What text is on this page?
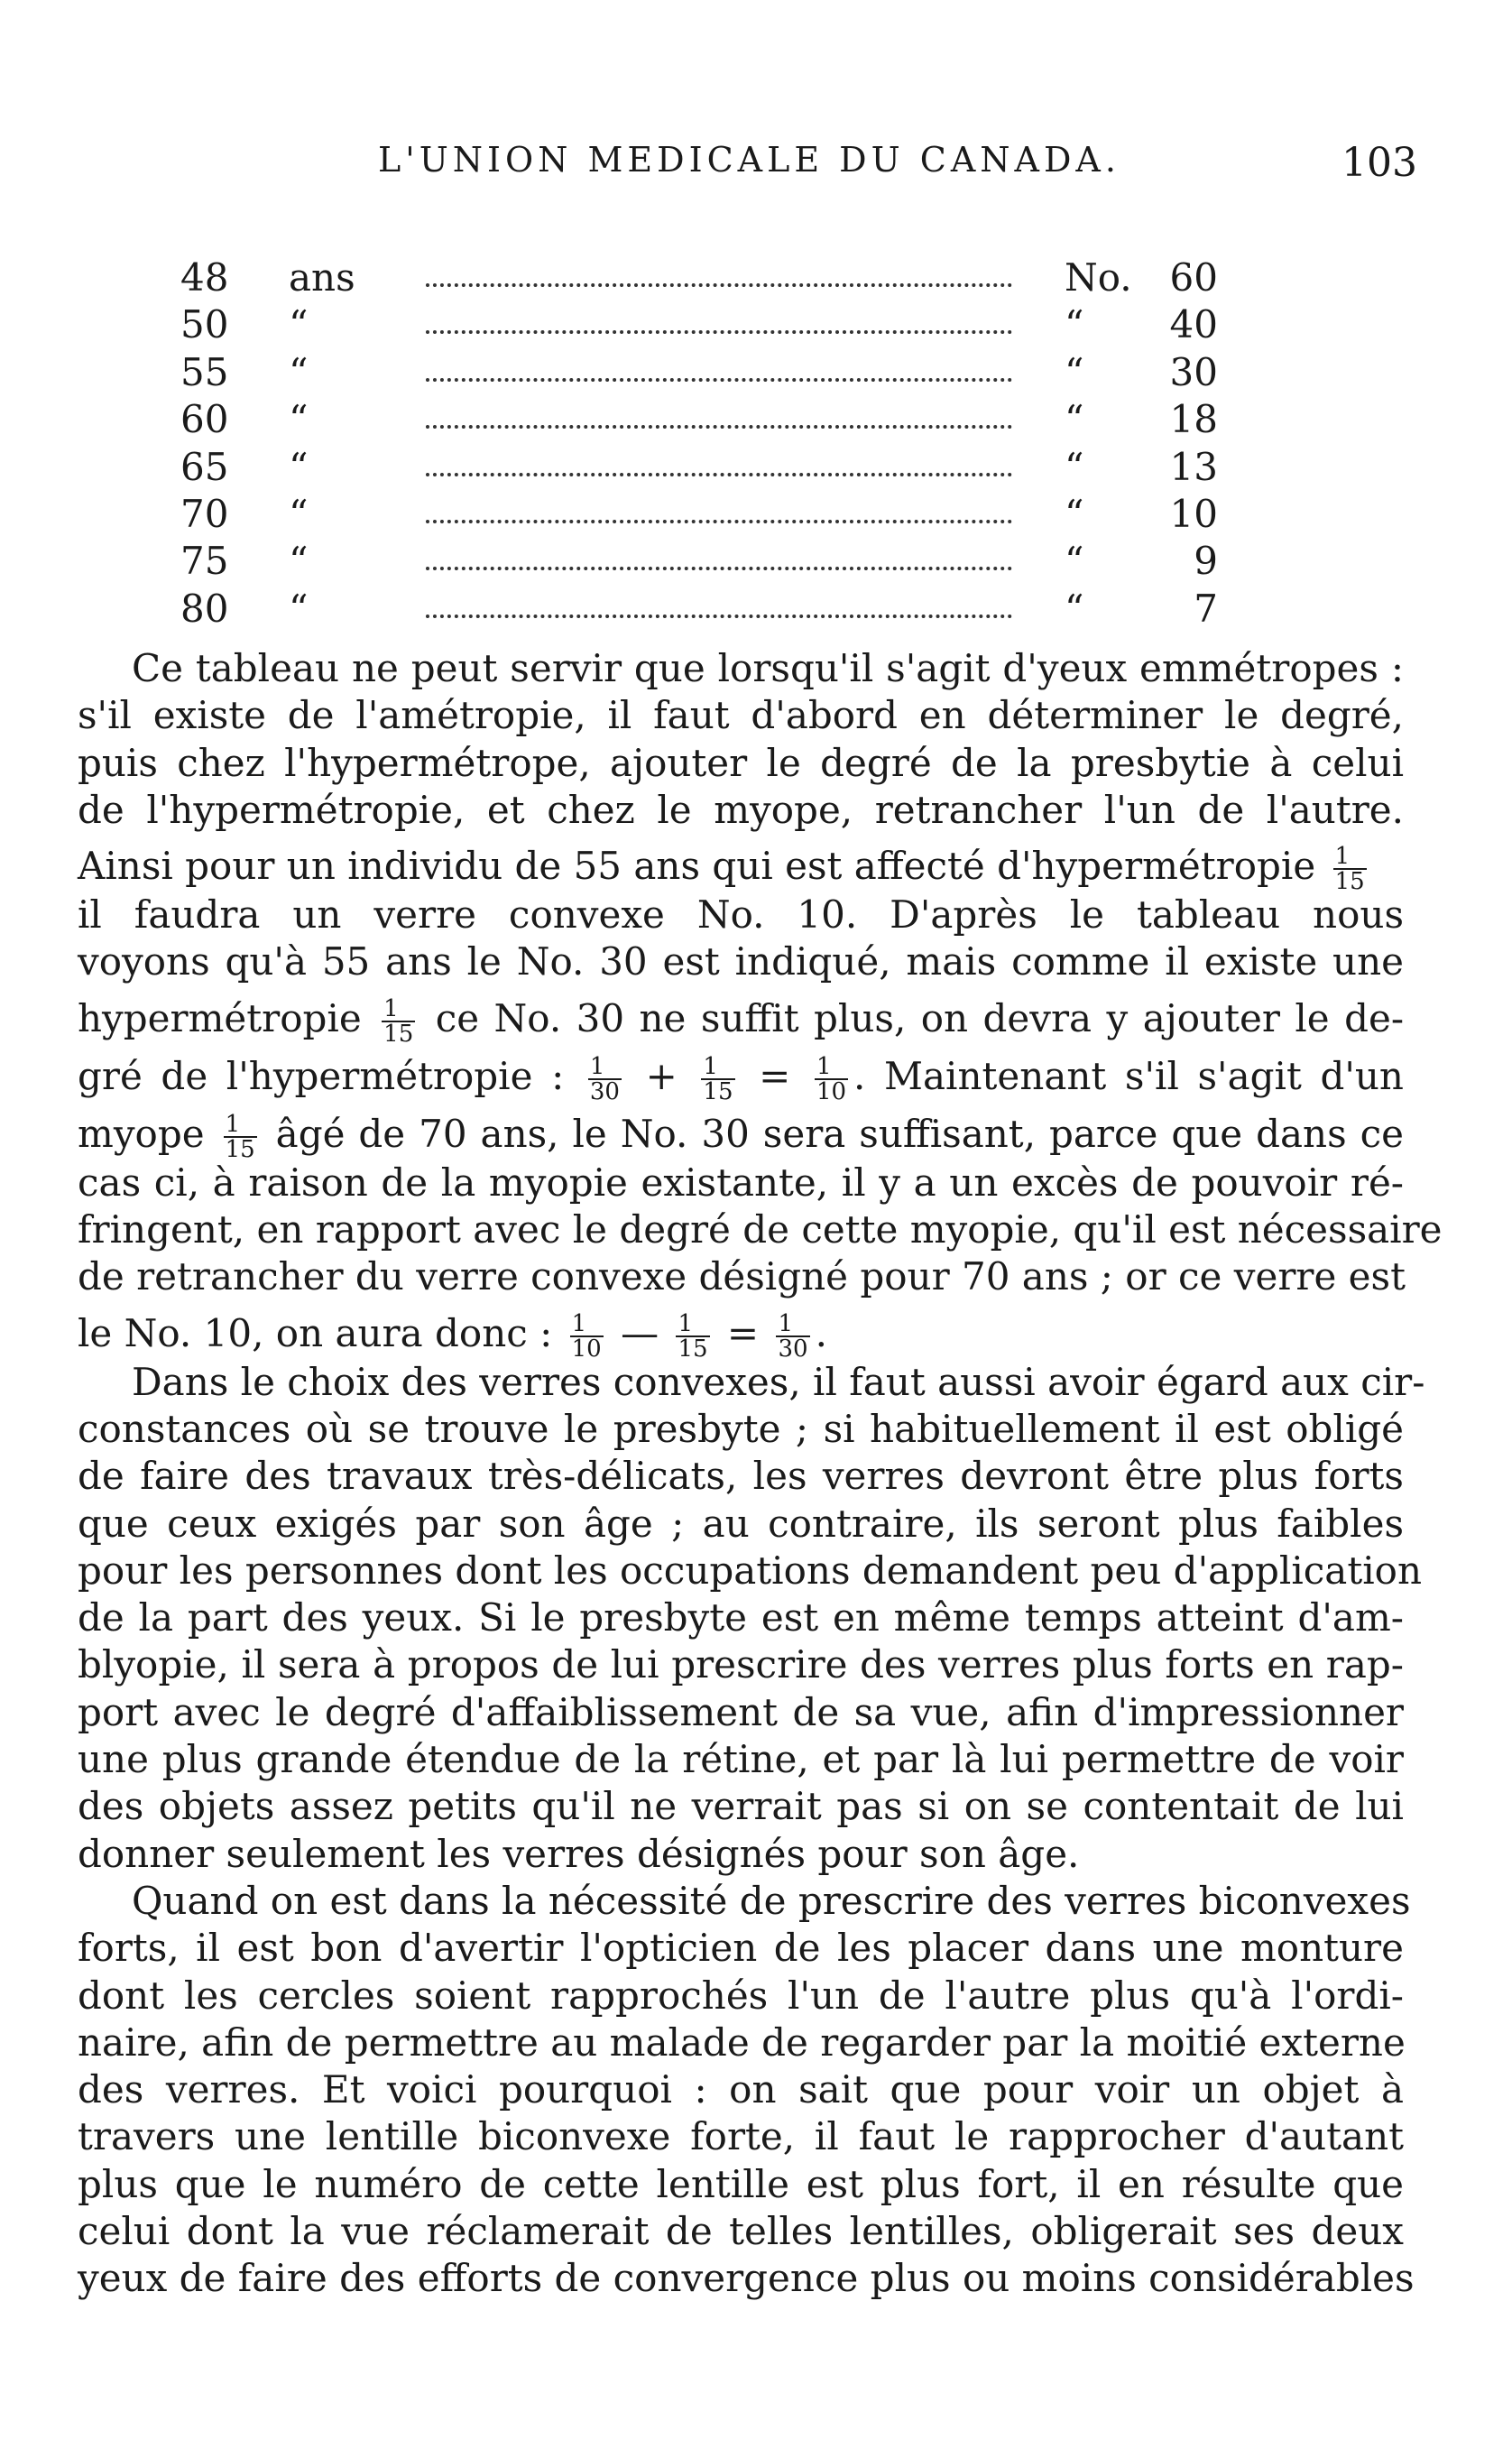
L'UNION MEDICALE DU CANADA.	103
48	ans	No. 60
50	“	“	40
55	“	“	30
60	“	“	18
65	“	“	13
70	“	“	10
75	“	“	9
80	“	“	7
Ce tableau ne peut servir que lorsqu'il s'agit d'yeux emmétropes :
s'il existe de l'amétropie, il faut d'abord en déterminer le degré,
puis chez l'hypermétrope, ajouter le degré de la presbytie à celui
de l'hypermétropie, et chez le myope, retrancher l'un de l'autre.
Ainsi pour un individu de 55 ans qui est affecté d'hypermétropie $\frac{1}{15}$
il faudra un verre convexe No. 10. D'après le tableau nous
voyons qu'à 55 ans le No. 30 est indiqué, mais comme il existe une
hypermétropie $\frac{1}{15}$ ce No. 30 ne suffit plus, on devra y ajouter le de-
gré de l'hypermétropie : $\frac{1}{30} + \frac{1}{15} = \frac{1}{10}$ . Maintenant s'il s'agit d'un
myope $\frac{1}{15}$ âgé de 70 ans, le No. 30 sera suffisant, parce que dans ce
cas ci, à raison de la myopie existante, il y a un excès de pouvoir ré-
fringent, en rapport avec le degré de cette myopie, qu'il est nécessaire
de retrancher du verre convexe désigné pour 70 ans ; or ce verre est
le No. 10, on aura donc : $\frac{1}{10}$ — $\frac{1}{15} = \frac{1}{30}$ .
Dans le choix des verres convexes, il faut aussi avoir égard aux cir-
constances où se trouve le presbyte ; si habituellement il est obligé
de faire des travaux très-délicats, les verres devront être plus forts
que ceux exigés par son âge ; au contraire, ils seront plus faibles
pour les personnes dont les occupations demandent peu d'application
de la part des yeux. Si le presbyte est en même temps atteint d'am-
blyopie, il sera à propos de lui prescrire des verres plus forts en rap-
port avec le degré d'affaiblissement de sa vue, afin d'impressionner
une plus grande étendue de la rétine, et par là lui permettre de voir
des objets assez petits qu'il ne verrait pas si on se contentait de lui
donner seulement les verres désignés pour son âge.
Quand on est dans la nécessité de prescrire des verres biconvexes
forts, il est bon d'avertir l'opticien de les placer dans une monture
dont les cercles soient rapprochés l'un de l'autre plus qu'à l'ordi-
naire, afin de permettre au malade de regarder par la moitié externe
des verres. Et voici pourquoi : on sait que pour voir un objet à
travers une lentille biconvexe forte, il faut le rapprocher d'autant
plus que le numéro de cette lentille est plus fort, il en résulte que
celui dont la vue réclamerait de telles lentilles, obligerait ses deux
yeux de faire des efforts de convergence plus ou moins considérables
